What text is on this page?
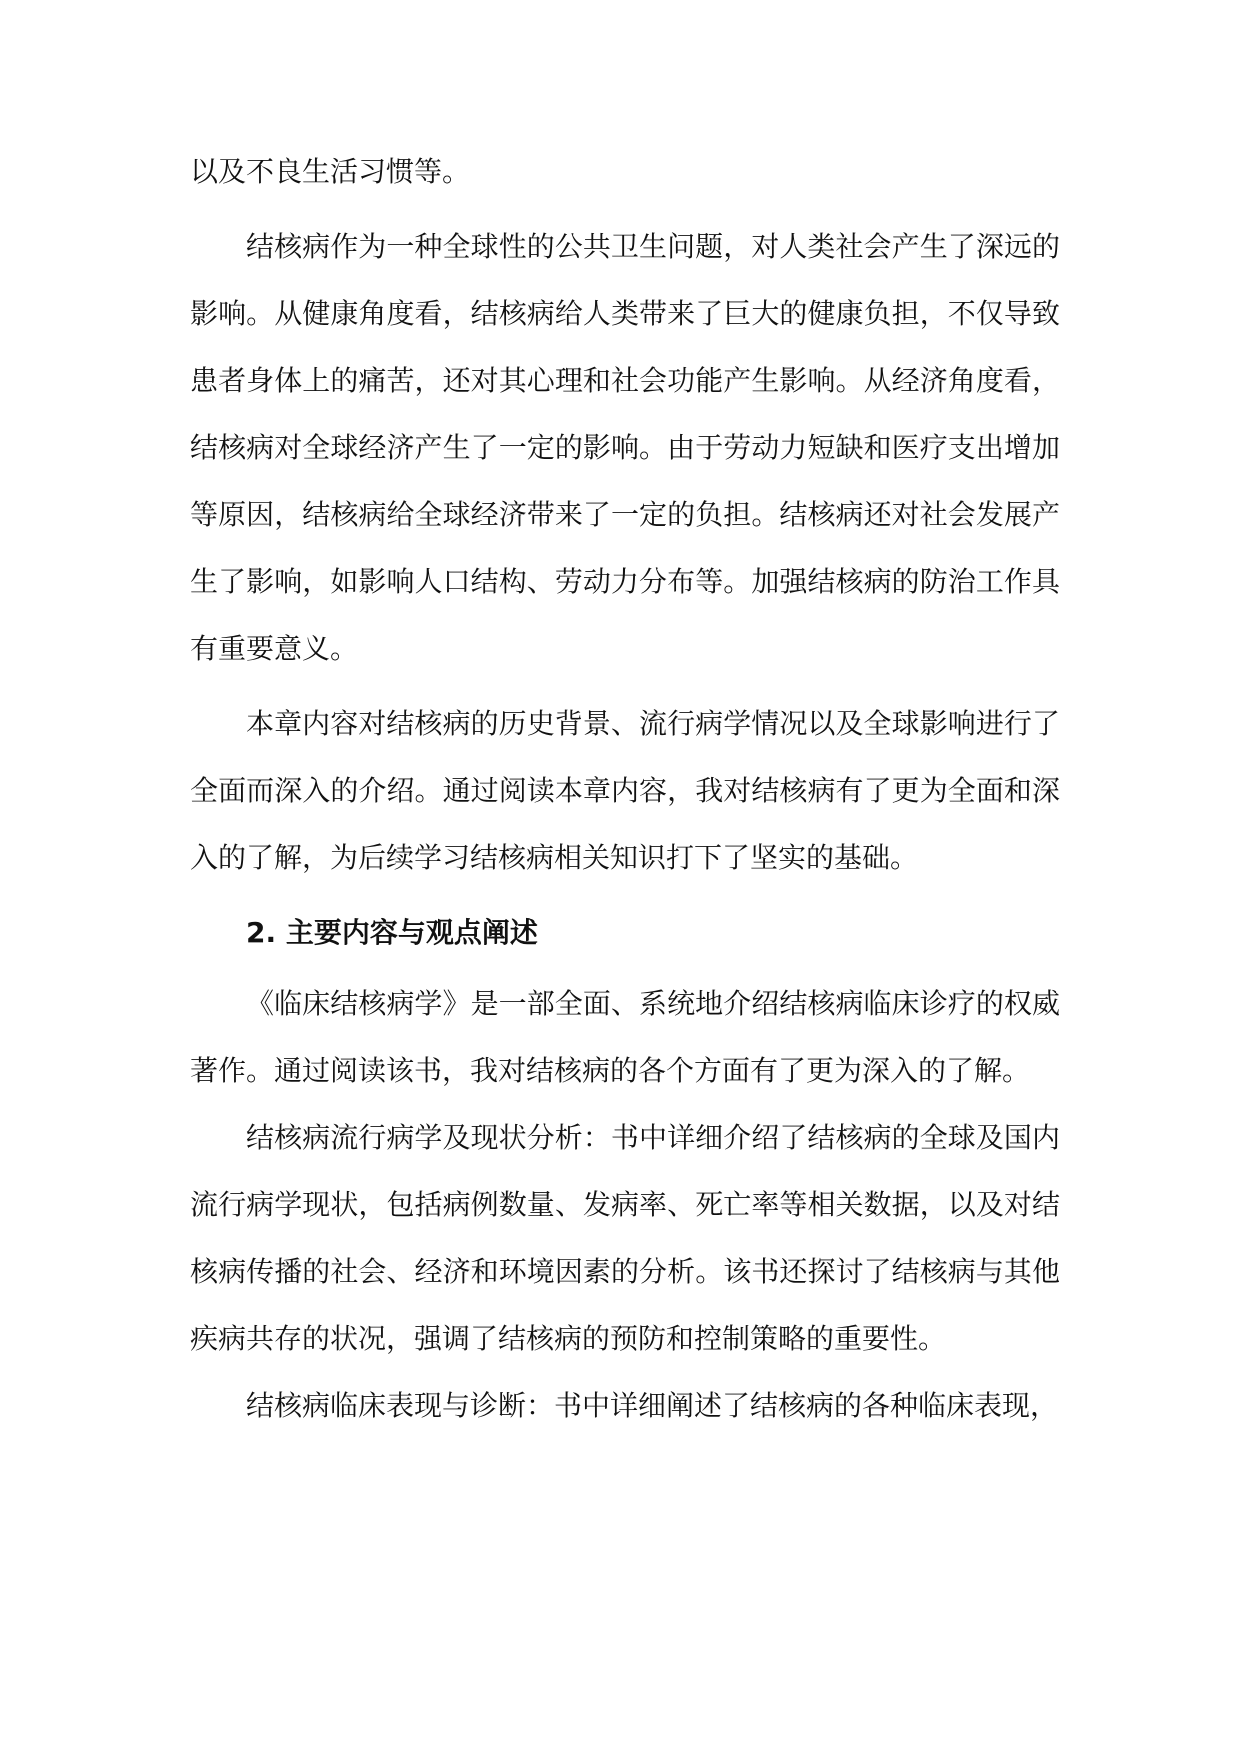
以及不良生活习惯等。

结核病作为一种全球性的公共卫生问题，对人类社会产生了深远的影响。从健康角度看，结核病给人类带来了巨大的健康负担，不仅导致患者身体上的痛苦，还对其心理和社会功能产生影响。从经济角度看，结核病对全球经济产生了一定的影响。由于劳动力短缺和医疗支出增加等原因，结核病给全球经济带来了一定的负担。结核病还对社会发展产生了影响，如影响人口结构、劳动力分布等。加强结核病的防治工作具有重要意义。

本章内容对结核病的历史背景、流行病学情况以及全球影响进行了全面而深入的介绍。通过阅读本章内容，我对结核病有了更为全面和深入的了解，为后续学习结核病相关知识打下了坚实的基础。

2. 主要内容与观点阐述

《临床结核病学》是一部全面、系统地介绍结核病临床诊疗的权威著作。通过阅读该书，我对结核病的各个方面有了更为深入的了解。

结核病流行病学及现状分析：书中详细介绍了结核病的全球及国内流行病学现状，包括病例数量、发病率、死亡率等相关数据，以及对结核病传播的社会、经济和环境因素的分析。该书还探讨了结核病与其他疾病共存的状况，强调了结核病的预防和控制策略的重要性。

结核病临床表现与诊断：书中详细阐述了结核病的各种临床表现，
